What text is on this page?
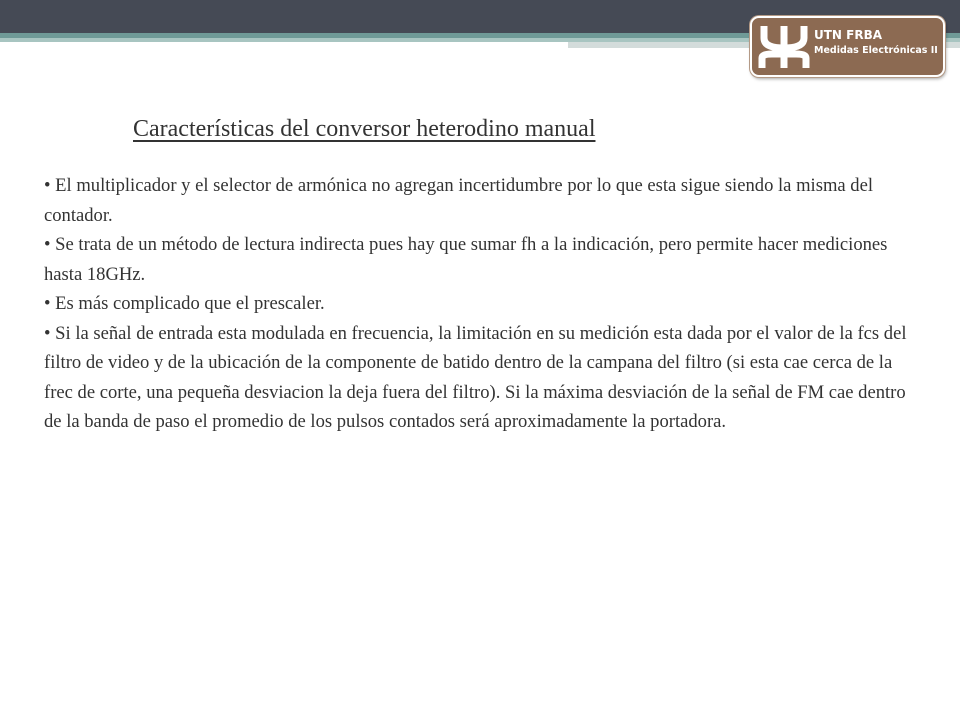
UTN FRBA
Medidas Electrónicas II
Características del conversor heterodino manual

• El multiplicador y el selector de armónica no agregan incertidumbre por lo que esta sigue siendo la misma del contador.

• Se trata de un método de lectura indirecta pues hay que sumar fh a la indicación, pero permite hacer mediciones hasta 18GHz.

• Es más complicado que el prescaler.

• Si la señal de entrada esta modulada en frecuencia, la limitación en su medición esta dada por el valor de la fcs del filtro de video y de la ubicación de la componente de batido dentro de la campana del filtro (si esta cae cerca de la frec de corte, una pequeña desviacion la deja fuera del filtro). Si la máxima desviación de la señal de FM cae dentro de la banda de paso el promedio de los pulsos contados será aproximadamente la portadora.
